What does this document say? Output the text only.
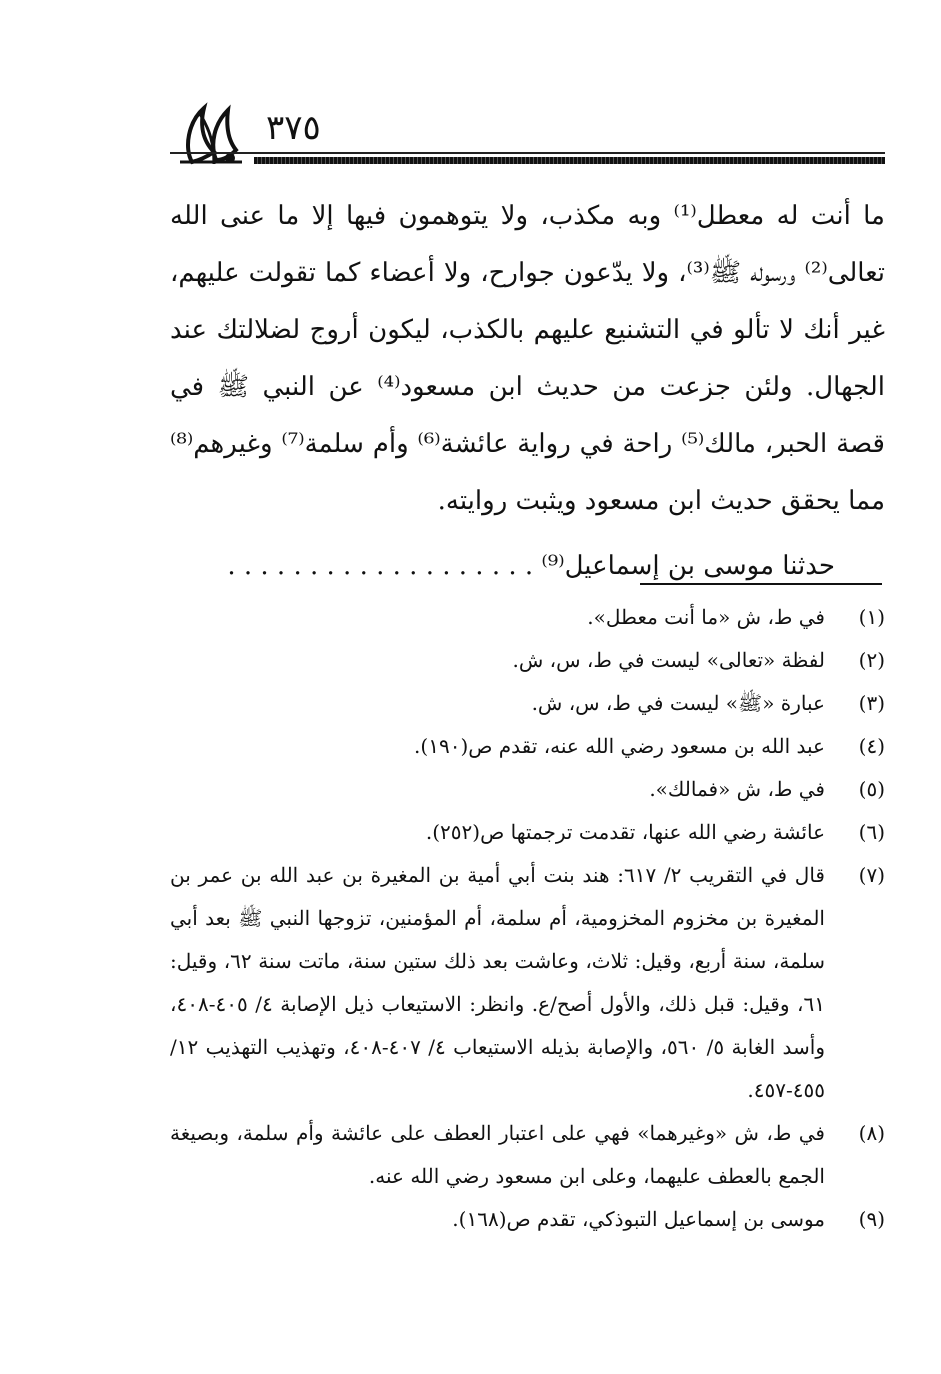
٣٧٥

ما أنت له معطل⁽¹⁾ وبه مكذب، ولا يتوهمون فيها إلا ما عنى الله تعالى⁽²⁾ ورسوله ﷺ⁽³⁾، ولا يدّعون جوارح، ولا أعضاء كما تقولت عليهم، غير أنك لا تألو في التشنيع عليهم بالكذب، ليكون أروج لضلالتك عند الجهال. ولئن جزعت من حديث ابن مسعود⁽⁴⁾ عن النبي ﷺ في قصة الحبر، مالك⁽⁵⁾ راحة في رواية عائشة⁽⁶⁾ وأم سلمة⁽⁷⁾ وغيرهم⁽⁸⁾ مما يحقق حديث ابن مسعود ويثبت روايته.

حدثنا موسى بن إسماعيل⁽⁹⁾ . . . . . . . . . . . . . . . . . . .

(١)
في ط، ش «ما أنت معطل».
(٢)
لفظة «تعالى» ليست في ط، س، ش.
(٣)
عبارة «ﷺ» ليست في ط، س، ش.
(٤)
عبد الله بن مسعود رضي الله عنه، تقدم ص(١٩٠).
(٥)
في ط، ش «فمالك».
(٦)
عائشة رضي الله عنها، تقدمت ترجمتها ص(٢٥٢).
(٧)
قال في التقريب ٢/ ٦١٧: هند بنت أبي أمية بن المغيرة بن عبد الله بن عمر بن المغيرة بن مخزوم المخزومية، أم سلمة، أم المؤمنين، تزوجها النبي ﷺ بعد أبي سلمة، سنة أربع، وقيل: ثلاث، وعاشت بعد ذلك ستين سنة، ماتت سنة ٦٢، وقيل: ٦١، وقيل: قبل ذلك، والأول أصح/ع. وانظر: الاستيعاب ذيل الإصابة ٤/ ٤٠٥-٤٠٨، وأسد الغابة ٥/ ٥٦٠، والإصابة بذيله الاستيعاب ٤/ ٤٠٧-٤٠٨، وتهذيب التهذيب ١٢/ ٤٥٥-٤٥٧.
(٨)
في ط، ش «وغيرهما» فهي على اعتبار العطف على عائشة وأم سلمة، وبصيغة الجمع بالعطف عليهما، وعلى ابن مسعود رضي الله عنه.
(٩)
موسى بن إسماعيل التبوذكي، تقدم ص(١٦٨).
